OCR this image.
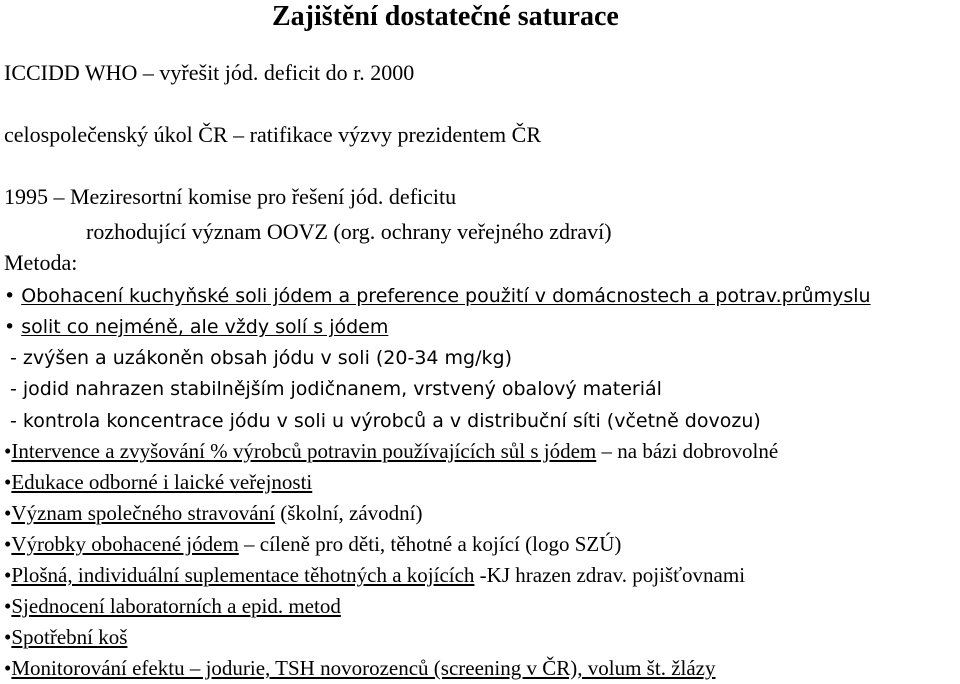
Zajištění dostatečné saturace
ICCIDD WHO – vyřešit jód. deficit do r. 2000
celospolečenský úkol ČR – ratifikace výzvy prezidentem ČR
1995 – Meziresortní komise pro řešení jód. deficitu
rozhodující význam OOVZ (org. ochrany veřejného zdraví)
Metoda:
• Obohacení kuchyňské soli jódem a preference použití v domácnostech a potrav.průmyslu
• solit co nejméně, ale vždy solí s jódem
- zvýšen a uzákoněn obsah jódu v soli (20-34 mg/kg)
- jodid nahrazen stabilnějším jodičnanem, vrstvený obalový materiál
- kontrola koncentrace jódu v soli u výrobců a v distribuční síti (včetně dovozu)
•Intervence a zvyšování % výrobců potravin používajících sůl s jódem – na bázi dobrovolné
•Edukace odborné i laické veřejnosti
•Význam společného stravování (školní, závodní)
•Výrobky obohacené jódem – cíleně pro děti, těhotné a kojící (logo SZÚ)
•Plošná, individuální suplementace těhotných a kojících -KJ hrazen zdrav. pojišťovnami
•Sjednocení laboratorních a epid. metod
•Spotřební koš
•Monitorování efektu – jodurie, TSH novorozenců (screening v ČR), volum št. žlázy
